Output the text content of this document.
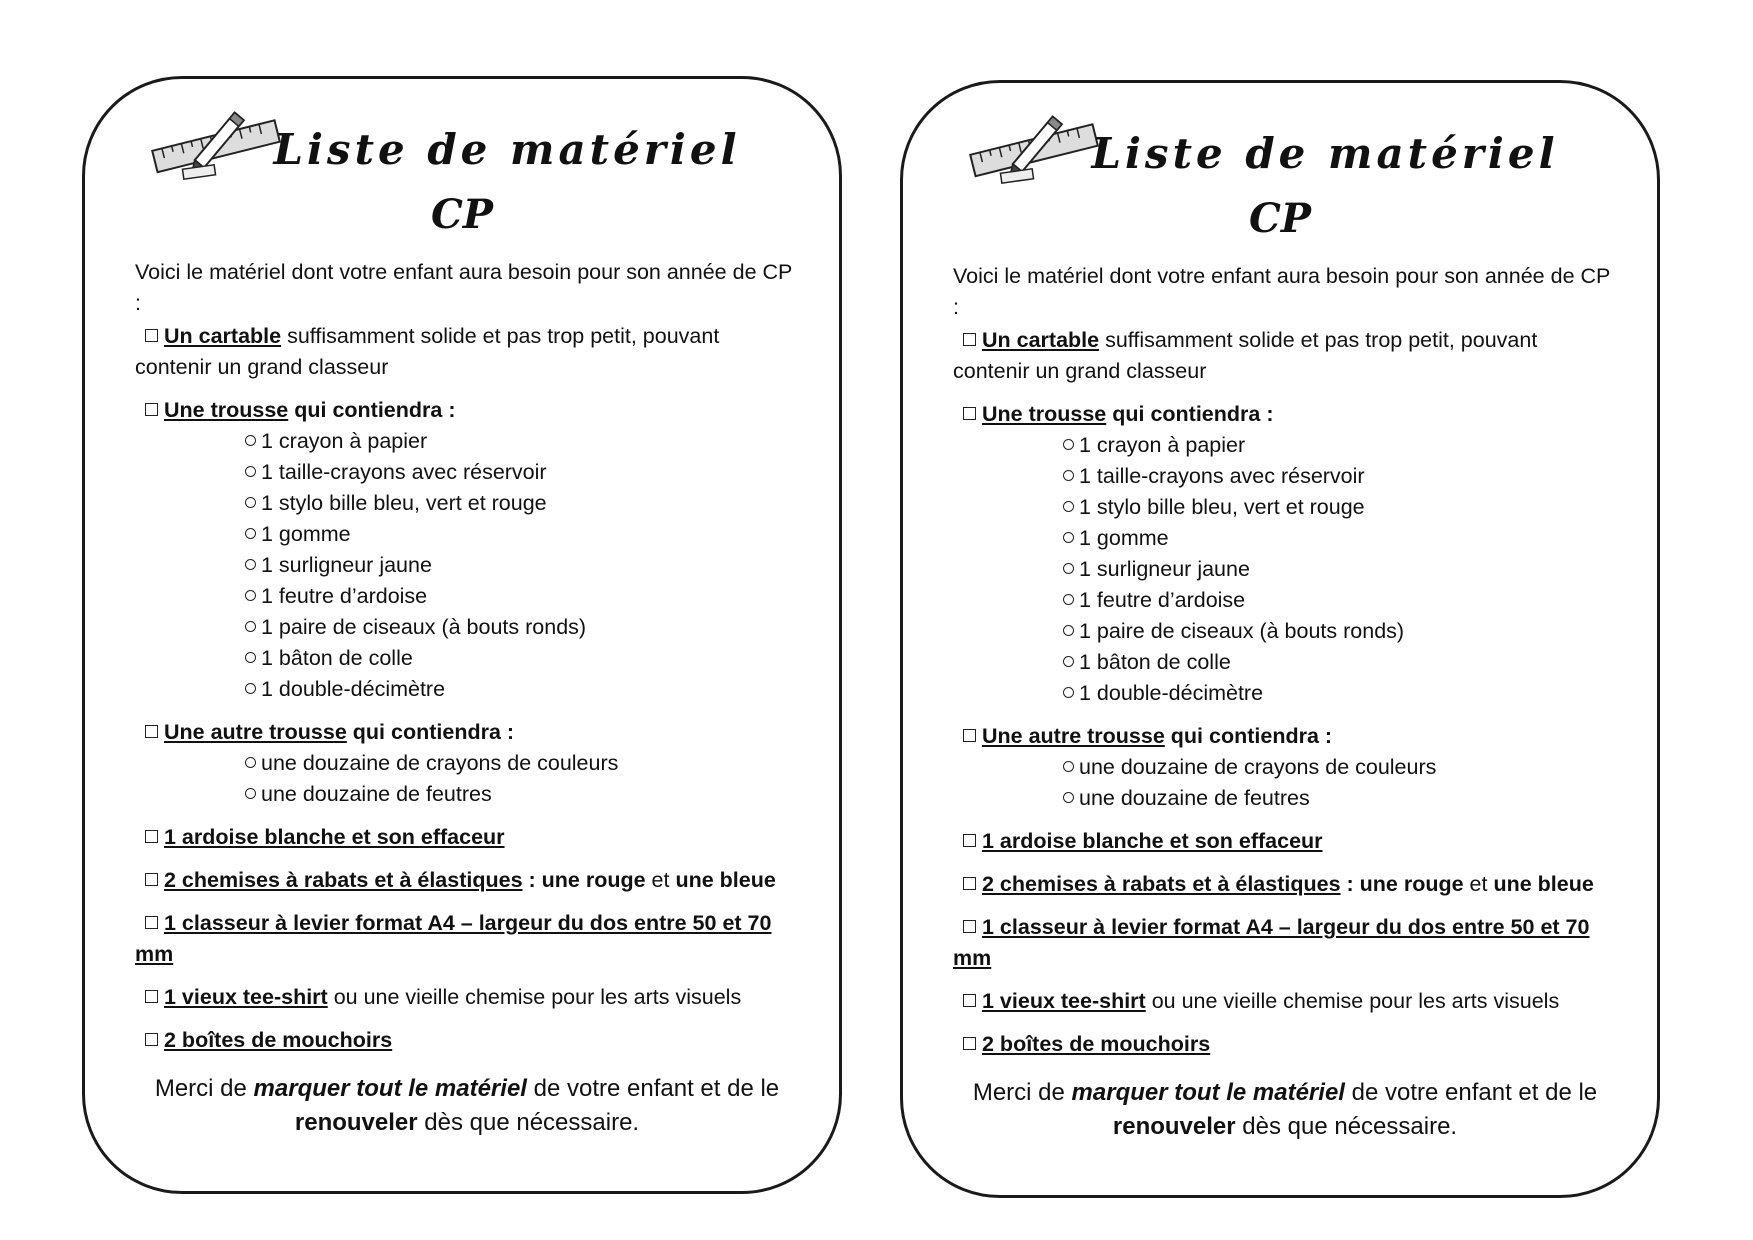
Liste de matériel
CP

Voici le matériel dont votre enfant aura besoin pour son année de CP :

Un cartable suffisamment solide et pas trop petit, pouvant contenir un grand classeur

Une trousse qui contiendra :

1 crayon à papier

1 taille-crayons avec réservoir

1 stylo bille bleu, vert et rouge

1 gomme

1 surligneur jaune

1 feutre d’ardoise

1 paire de ciseaux (à bouts ronds)

1 bâton de colle

1 double-décimètre

Une autre trousse qui contiendra :

une douzaine de crayons de couleurs

une douzaine de feutres

1 ardoise blanche et son effaceur

2 chemises à rabats et à élastiques : une rouge et une bleue

1 classeur à levier format A4 – largeur du dos entre 50 et 70 mm

1 vieux tee-shirt ou une vieille chemise pour les arts visuels

2 boîtes de mouchoirs

Merci de marquer tout le matériel de votre enfant et de le renouveler dès que nécessaire.

Liste de matériel
CP

Voici le matériel dont votre enfant aura besoin pour son année de CP :

Un cartable suffisamment solide et pas trop petit, pouvant contenir un grand classeur

Une trousse qui contiendra :

1 crayon à papier

1 taille-crayons avec réservoir

1 stylo bille bleu, vert et rouge

1 gomme

1 surligneur jaune

1 feutre d’ardoise

1 paire de ciseaux (à bouts ronds)

1 bâton de colle

1 double-décimètre

Une autre trousse qui contiendra :

une douzaine de crayons de couleurs

une douzaine de feutres

1 ardoise blanche et son effaceur

2 chemises à rabats et à élastiques : une rouge et une bleue

1 classeur à levier format A4 – largeur du dos entre 50 et 70 mm

1 vieux tee-shirt ou une vieille chemise pour les arts visuels

2 boîtes de mouchoirs

Merci de marquer tout le matériel de votre enfant et de le renouveler dès que nécessaire.
